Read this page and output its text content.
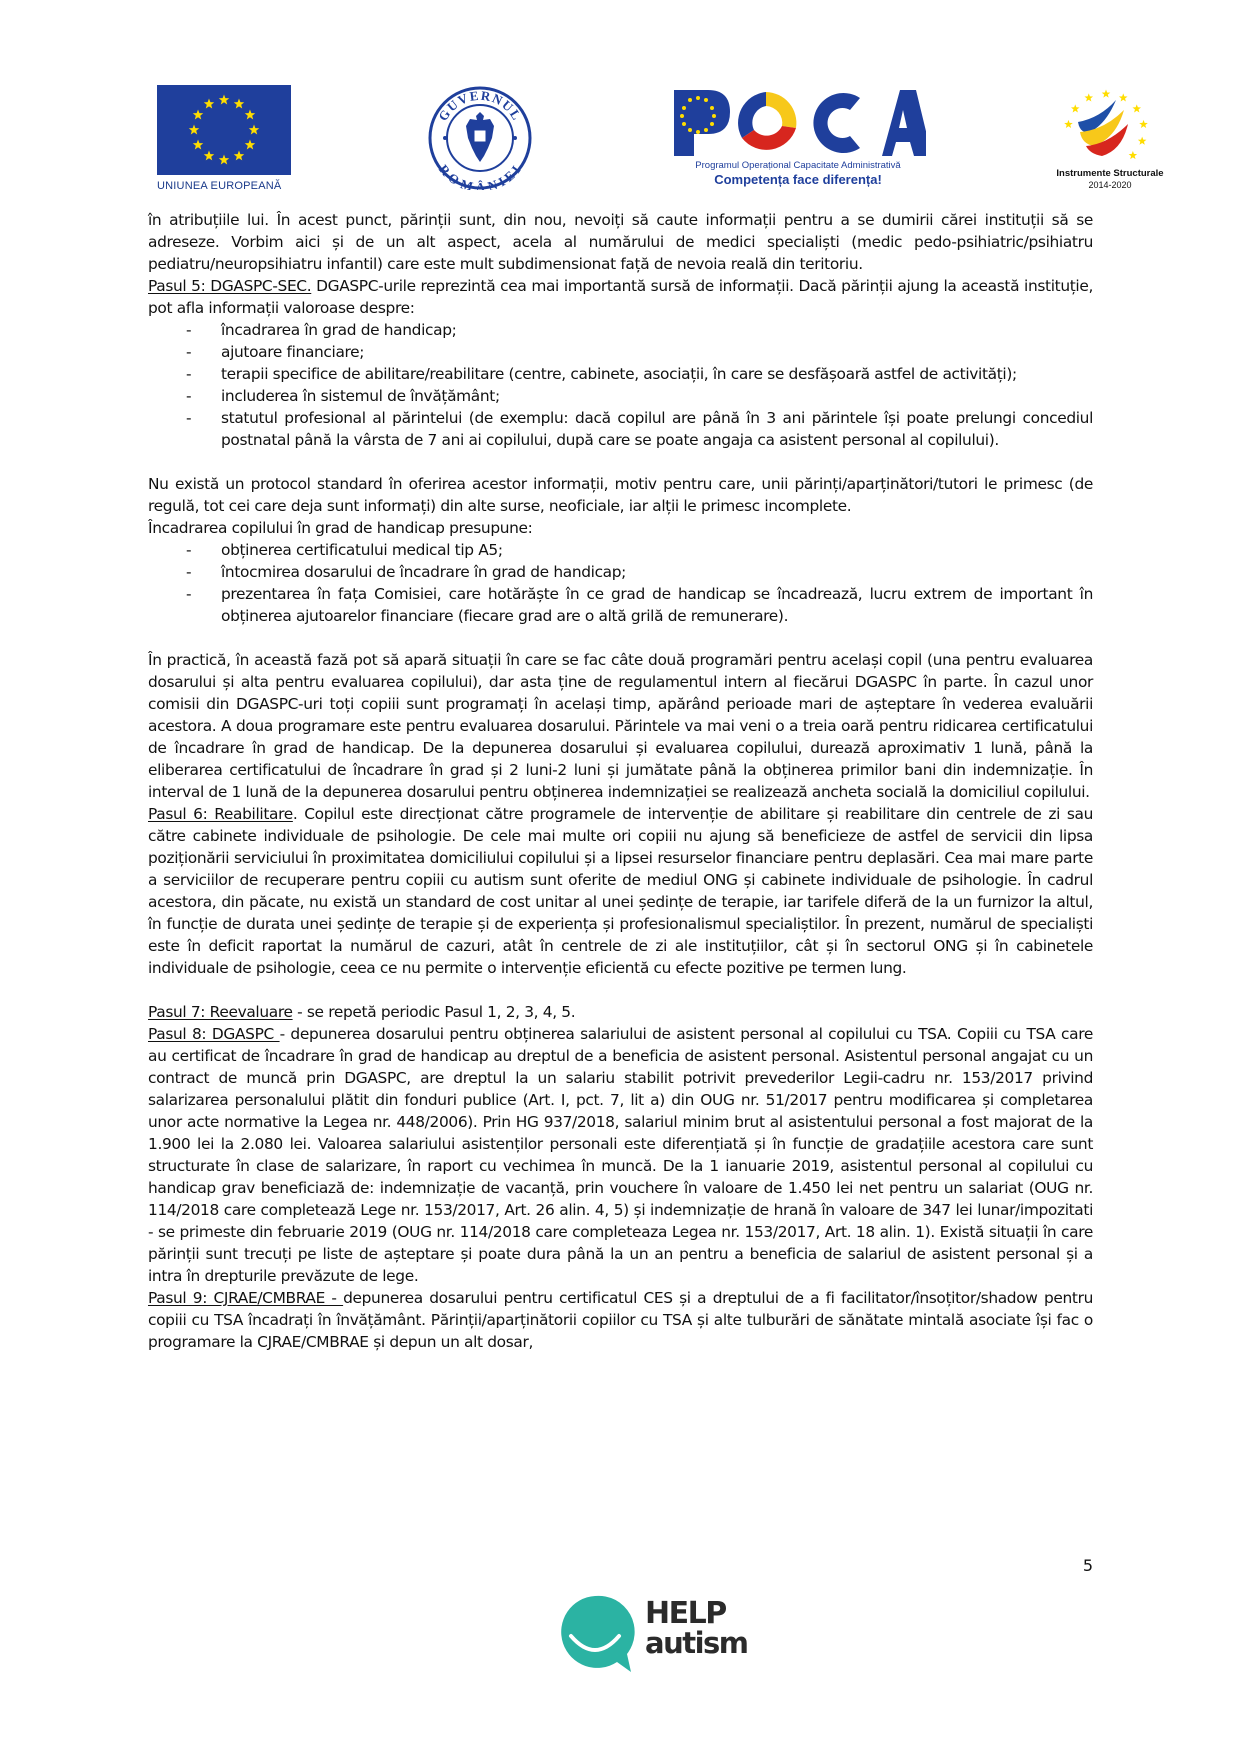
UNIUNEA EUROPEANĂ
GUVERNUL
ROMÂNIEI	Programul Operațional Capacitate Administrativă
Competența face diferența!	Instrumente Structurale
2014-2020

în atribuțiile lui. În acest punct, părinții sunt, din nou, nevoiți să caute informații pentru a se dumirii cărei instituții să se adreseze. Vorbim aici și de un alt aspect, acela al numărului de medici specialiști (medic pedo-psihiatric/psihiatru pediatru/neuropsihiatru infantil) care este mult subdimensionat față de nevoia reală din teritoriu.

Pasul 5: DGASPC-SEC. DGASPC-urile reprezintă cea mai importantă sursă de informații. Dacă părinții ajung la această instituție, pot afla informații valoroase despre:

- încadrarea în grad de handicap;
- ajutoare financiare;
- terapii specifice de abilitare/reabilitare (centre, cabinete, asociații, în care se desfășoară astfel de activități);
- includerea în sistemul de învățământ;
- statutul profesional al părintelui (de exemplu: dacă copilul are până în 3 ani părintele își poate prelungi concediul postnatal până la vârsta de 7 ani ai copilului, după care se poate angaja ca asistent personal al copilului).

Nu există un protocol standard în oferirea acestor informații, motiv pentru care, unii părinți/aparținători/tutori le primesc (de regulă, tot cei care deja sunt informați) din alte surse, neoficiale, iar alții le primesc incomplete.

Încadrarea copilului în grad de handicap presupune:

- obținerea certificatului medical tip A5;
- întocmirea dosarului de încadrare în grad de handicap;
- prezentarea în fața Comisiei, care hotărăște în ce grad de handicap se încadrează, lucru extrem de important în obținerea ajutoarelor financiare (fiecare grad are o altă grilă de remunerare).

În practică, în această fază pot să apară situații în care se fac câte două programări pentru același copil (una pentru evaluarea dosarului și alta pentru evaluarea copilului), dar asta ține de regulamentul intern al fiecărui DGASPC în parte. În cazul unor comisii din DGASPC-uri toți copiii sunt programați în același timp, apărând perioade mari de așteptare în vederea evaluării acestora. A doua programare este pentru evaluarea dosarului. Părintele va mai veni o a treia oară pentru ridicarea certificatului de încadrare în grad de handicap. De la depunerea dosarului și evaluarea copilului, durează aproximativ 1 lună, până la eliberarea certificatului de încadrare în grad și 2 luni-2 luni și jumătate până la obținerea primilor bani din indemnizație. În interval de 1 lună de la depunerea dosarului pentru obținerea indemnizației se realizează ancheta socială la domiciliul copilului.

Pasul 6: Reabilitare. Copilul este direcționat către programele de intervenție de abilitare și reabilitare din centrele de zi sau către cabinete individuale de psihologie. De cele mai multe ori copiii nu ajung să beneficieze de astfel de servicii din lipsa poziționării serviciului în proximitatea domiciliului copilului și a lipsei resurselor financiare pentru deplasări. Cea mai mare parte a serviciilor de recuperare pentru copiii cu autism sunt oferite de mediul ONG și cabinete individuale de psihologie. În cadrul acestora, din păcate, nu există un standard de cost unitar al unei ședințe de terapie, iar tarifele diferă de la un furnizor la altul, în funcție de durata unei ședințe de terapie și de experiența și profesionalismul specialiștilor. În prezent, numărul de specialiști este în deficit raportat la numărul de cazuri, atât în centrele de zi ale instituțiilor, cât și în sectorul ONG și în cabinetele individuale de psihologie, ceea ce nu permite o intervenție eficientă cu efecte pozitive pe termen lung.

Pasul 7: Reevaluare - se repetă periodic Pasul 1, 2, 3, 4, 5.

Pasul 8: DGASPC - depunerea dosarului pentru obținerea salariului de asistent personal al copilului cu TSA. Copiii cu TSA care au certificat de încadrare în grad de handicap au dreptul de a beneficia de asistent personal. Asistentul personal angajat cu un contract de muncă prin DGASPC, are dreptul la un salariu stabilit potrivit prevederilor Legii-cadru nr. 153/2017 privind salarizarea personalului plătit din fonduri publice (Art. I, pct. 7, lit a) din OUG nr. 51/2017 pentru modificarea și completarea unor acte normative la Legea nr. 448/2006). Prin HG 937/2018, salariul minim brut al asistentului personal a fost majorat de la 1.900 lei la 2.080 lei. Valoarea salariului asistenților personali este diferențiată și în funcție de gradațiile acestora care sunt structurate în clase de salarizare, în raport cu vechimea în muncă. De la 1 ianuarie 2019, asistentul personal al copilului cu handicap grav beneficiază de: indemnizație de vacanță, prin vouchere în valoare de 1.450 lei net pentru un salariat (OUG nr. 114/2018 care completează Lege nr. 153/2017, Art. 26 alin. 4, 5) și indemnizație de hrană în valoare de 347 lei lunar/impozitati - se primeste din februarie 2019 (OUG nr. 114/2018 care completeaza Legea nr. 153/2017, Art. 18 alin. 1). Există situații în care părinții sunt trecuți pe liste de așteptare și poate dura până la un an pentru a beneficia de salariul de asistent personal și a intra în drepturile prevăzute de lege.

Pasul 9: CJRAE/CMBRAE - depunerea dosarului pentru certificatul CES și a dreptului de a fi facilitator/însoțitor/shadow pentru copiii cu TSA încadrați în învățământ. Părinții/aparținătorii copiilor cu TSA și alte tulburări de sănătate mintală asociate își fac o programare la CJRAE/CMBRAE și depun un alt dosar,

5
HELP
autism
